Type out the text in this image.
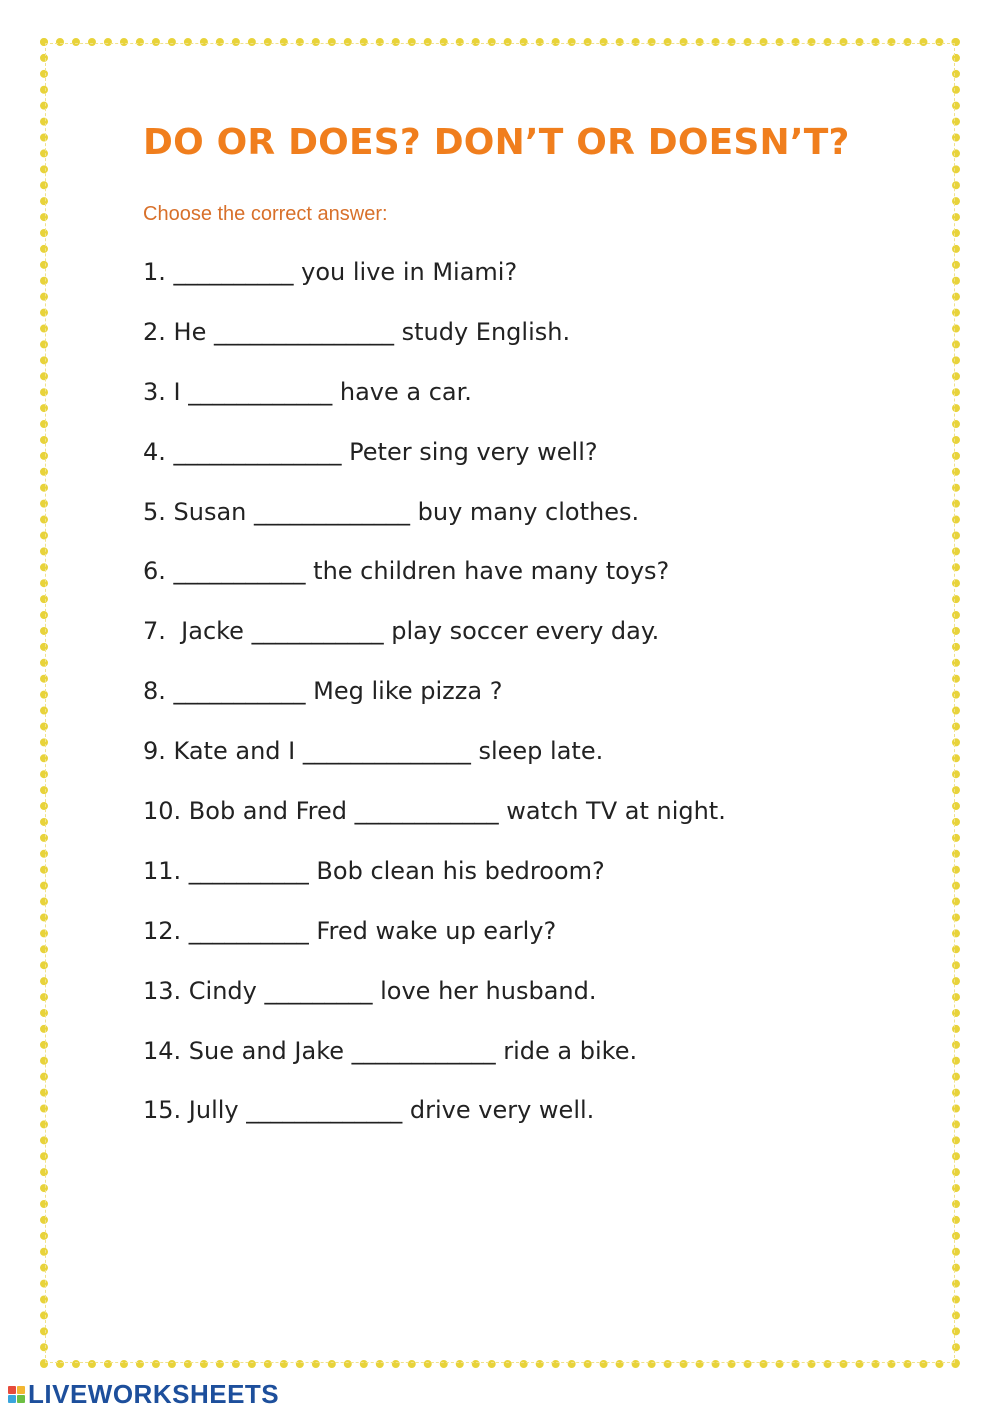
DO OR DOES? DON’T OR DOESN’T?

Choose the correct answer:

1. __________ you live in Miami?
2. He _______________ study English.
3. I ____________ have a car.
4. ______________ Peter sing very well?
5. Susan _____________ buy many clothes.
6. ___________ the children have many toys?
7.  Jacke ___________ play soccer every day.
8. ___________ Meg like pizza ?
9. Kate and I ______________ sleep late.
10. Bob and Fred ____________ watch TV at night.
11. __________ Bob clean his bedroom?
12. __________ Fred wake up early?
13. Cindy _________ love her husband.
14. Sue and Jake ____________ ride a bike.
15. Jully _____________ drive very well.
LIVEWORKSHEETS
